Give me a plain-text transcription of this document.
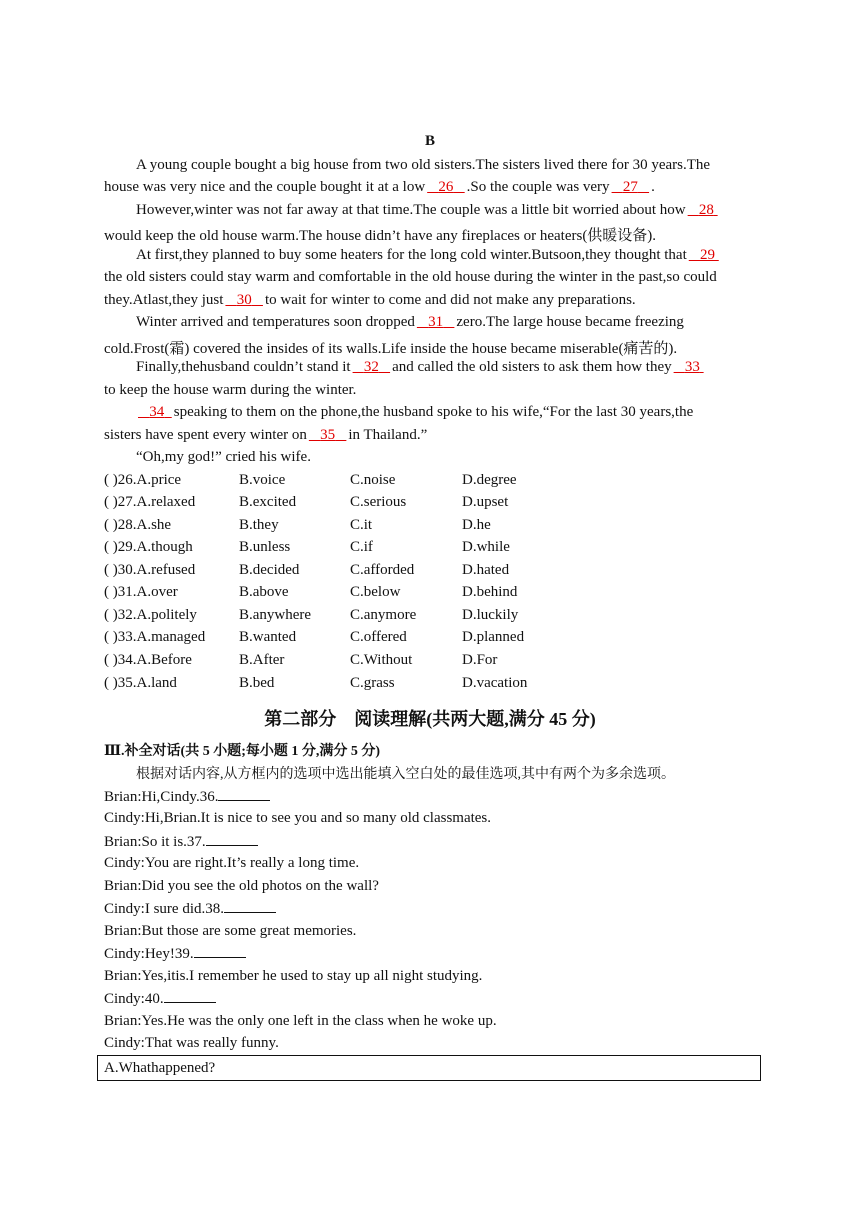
B
A young couple bought a big house from two old sisters.The sisters lived there for 30 years.The
house was very nice and the couple bought it at a low 26 .So the couple was very 27 .
However,winter was not far away at that time.The couple was a little bit worried about how 28
would keep the old house warm.The house didn’t have any fireplaces or heaters(供暖设备).
At first,they planned to buy some heaters for the long cold winter.Butsoon,they thought that 29
the old sisters could stay warm and comfortable in the old house during the winter in the past,so could
they.Atlast,they just 30 to wait for winter to come and did not make any preparations.
Winter arrived and temperatures soon dropped 31 zero.The large house became freezing
cold.Frost(霜) covered the insides of its walls.Life inside the house became miserable(痛苦的).
Finally,thehusband couldn’t stand it 32 and called the old sisters to ask them how they 33
to keep the house warm during the winter.
34 speaking to them on the phone,the husband spoke to his wife,“For the last 30 years,the
sisters have spent every winter on 35 in Thailand.”
“Oh,my god!” cried his wife.
( )26.A.price	B.voice	C.noise	D.degree
( )27.A.relaxed	B.excited	C.serious	D.upset
( )28.A.she	B.they	C.it	D.he
( )29.A.though	B.unless	C.if	D.while
( )30.A.refused	B.decided	C.afforded	D.hated
( )31.A.over	B.above	C.below	D.behind
( )32.A.politely	B.anywhere	C.anymore	D.luckily
( )33.A.managed B.wanted	C.offered	D.planned
( )34.A.Before	B.After	C.Without	D.For
( )35.A.land	B.bed	C.grass	D.vacation
第二部分　阅读理解(共两大题,满分 45 分)
Ⅲ.补全对话(共 5 小题;每小题 1 分,满分 5 分)
根据对话内容,从方框内的选项中选出能填入空白处的最佳选项,其中有两个为多余选项。
Brian:Hi,Cindy.36.
Cindy:Hi,Brian.It is nice to see you and so many old classmates.
Brian:So it is.37.
Cindy:You are right.It’s really a long time.
Brian:Did you see the old photos on the wall?
Cindy:I sure did.38.
Brian:But those are some great memories.
Cindy:Hey!39.
Brian:Yes,itis.I remember he used to stay up all night studying.
Cindy:40.
Brian:Yes.He was the only one left in the class when he woke up.
Cindy:That was really funny.
A.Whathappened?
